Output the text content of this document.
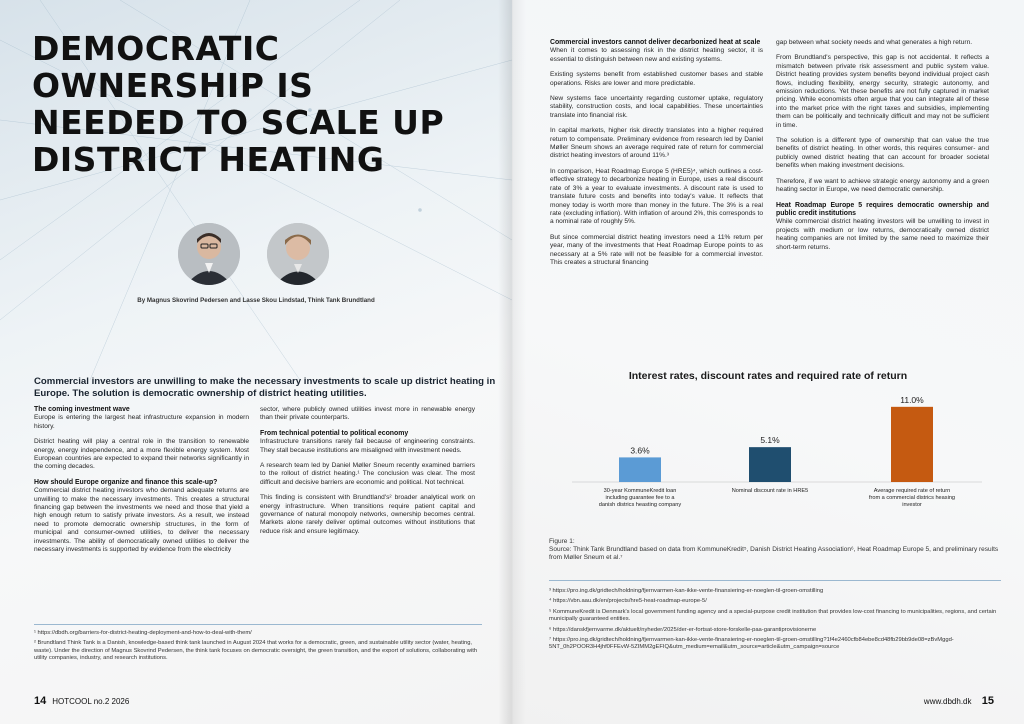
DEMOCRATIC
OWNERSHIP IS
NEEDED TO SCALE UP
DISTRICT HEATING
By Magnus Skovrind Pedersen and Lasse Skou Lindstad, Think Tank Brundtland
Commercial investors are unwilling to make the necessary investments to scale up district heating in Europe. The solution is democratic ownership of district heating utilities.
The coming investment wave

Europe is entering the largest heat infrastructure expansion in modern history.

District heating will play a central role in the transition to renewable energy, energy independence, and a more flexible energy system. Most European countries are expected to expand their networks significantly in the coming decades.

How should Europe organize and finance this scale-up?

Commercial district heating investors who demand adequate returns are unwilling to make the necessary investments. This creates a structural financing gap between the investments we need and those that yield a high enough return to satisfy private investors. As a result, we instead need to promote democratic ownership structures, in the form of municipal and consumer-owned utilities, to deliver the necessary investments. The ability of democratically owned utilities to deliver the necessary investments is supported by evidence from the electricity

sector, where publicly owned utilities invest more in renewable energy than their private counterparts.

From technical potential to political economy

Infrastructure transitions rarely fail because of engineering constraints. They stall because institutions are misaligned with investment needs.

A research team led by Daniel Møller Sneum recently examined barriers to the rollout of district heating.¹ The conclusion was clear. The most difficult and decisive barriers are economic and political. Not technical.

This finding is consistent with Brundtland's² broader analytical work on energy infrastructure. When transitions require patient capital and governance of natural monopoly networks, ownership becomes central. Markets alone rarely deliver optimal outcomes without institutions that reduce risk and ensure legitimacy.

¹ https://dbdh.org/barriers-for-district-heating-deployment-and-how-to-deal-with-them/
² Brundtland Think Tank is a Danish, knowledge-based think tank launched in August 2024 that works for a democratic, green, and sustainable utility sector (water, heating, waste). Under the direction of Magnus Skovrind Pedersen, the think tank focuses on democratic oversight, the green transition, and the export of solutions, collaborating with utility companies, industry, and research institutions.
14 HOTCOOL no.2 2026
Commercial investors cannot deliver decarbonized heat at scale

When it comes to assessing risk in the district heating sector, it is essential to distinguish between new and existing systems.

Existing systems benefit from established customer bases and stable operations. Risks are lower and more predictable.

New systems face uncertainty regarding customer uptake, regulatory stability, construction costs, and local capabilities. These uncertainties translate into financial risk.

In capital markets, higher risk directly translates into a higher required return to compensate. Preliminary evidence from research led by Daniel Møller Sneum shows an average required rate of return for commercial district heating investors of around 11%.³

In comparison, Heat Roadmap Europe 5 (HRE5)⁴, which outlines a cost-effective strategy to decarbonize heating in Europe, uses a real discount rate of 3% a year to evaluate investments. A discount rate is used to translate future costs and benefits into today's value. It reflects that money today is worth more than money in the future. The 3% is a real rate (excluding inflation). With inflation of around 2%, this corresponds to a nominal rate of roughly 5%.

But since commercial district heating investors need a 11% return per year, many of the investments that Heat Roadmap Europe points to as necessary at a 5% rate will not be feasible for a commercial investor. This creates a structural financing

gap between what society needs and what generates a high return.

From Brundtland's perspective, this gap is not accidental. It reflects a mismatch between private risk assessment and public system value. District heating provides system benefits beyond individual project cash flows, including flexibility, energy security, strategic autonomy, and emission reductions. Yet these benefits are not fully captured in market pricing. While economists often argue that you can integrate all of these into the market price with the right taxes and subsidies, implementing them can be politically and technically difficult and may not be sufficient in time.

The solution is a different type of ownership that can value the true benefits of district heating. In other words, this requires consumer- and publicly owned district heating that can account for broader societal benefits when making investment decisions.

Therefore, if we want to achieve strategic energy autonomy and a green heating sector in Europe, we need democratic ownership.

Heat Roadmap Europe 5 requires democratic ownership and public credit institutions

While commercial district heating investors will be unwilling to invest in projects with medium or low returns, democratically owned district heating companies are not limited by the same need to maximize their short-term returns.

Interest rates, discount rates and required rate of return
3.6%
30-year KommuneKredit loan
including guarantee fee to a
danish districs heasting company
5.1%
Nominal discount rate in HRE5
11.0%
Average required rate of return
from a commercial districs heasing
investor
Figure 1:
Source: Think Tank Brundtland based on data from KommuneKredit⁵, Danish District Heating Association⁶, Heat Roadmap Europe 5, and preliminary results from Møller Sneum et al.⁷
³ https://pro.ing.dk/gridtech/holdning/fjernvarmen-kan-ikke-vente-finansiering-er-noeglen-til-groen-omstilling
⁴ https://vbn.aau.dk/en/projects/hre5-heat-roadmap-europe-5/
⁵ KommuneKredit is Denmark's local government funding agency and a special-purpose credit institution that provides low-cost financing to municipalities, regions, and certain municipally guaranteed entities.
⁶ https://danskfjernvarme.dk/aktuelt/nyheder/2025/der-er-fortsat-store-forskelle-paa-garantiprovisionerne
⁷ https://pro.ing.dk/gridtech/holdning/fjernvarmen-kan-ikke-vente-finansiering-er-noeglen-til-groen-omstilling?1f4e2460cfb84ebe8cd48fb29bb9de08=zBvMggd-5NT_0h2POOR3H4jhf0FFEvW-5ZIMM2gEFIQ&utm_medium=email&utm_source=article&utm_campaign=source
www.dbdh.dk 15
